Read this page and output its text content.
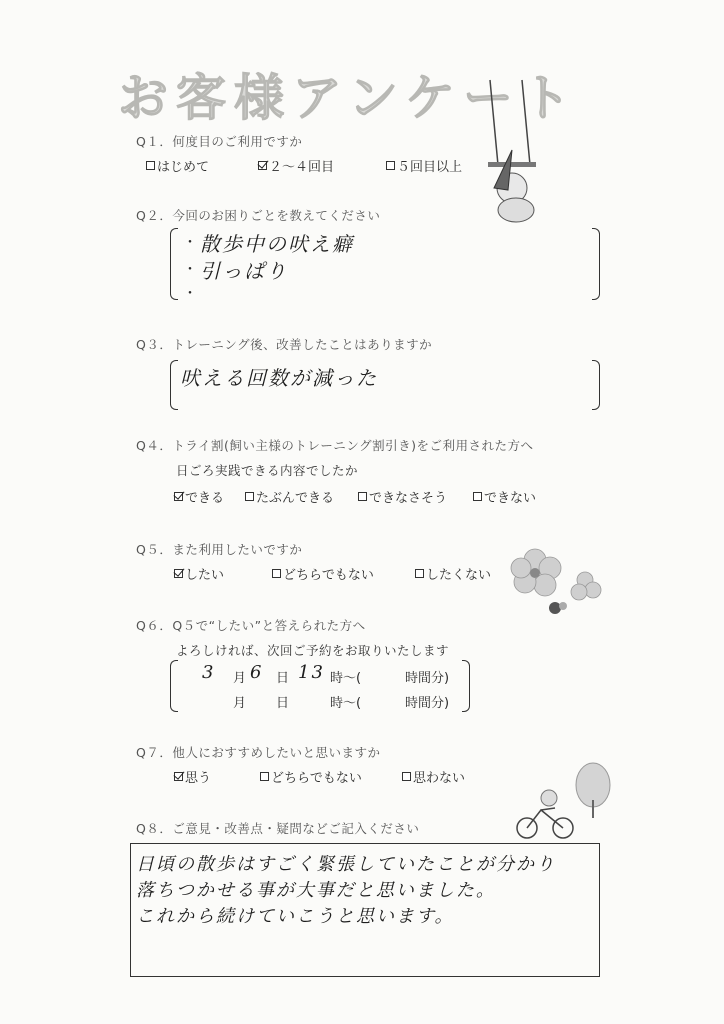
お客様アンケート
Q１．何度目のご利用ですか
はじめて	２～４回目	５回目以上
Q２．今回のお困りごとを教えてください
・
・
・
散歩中の吠え癖
引っぱり
Q３．トレーニング後、改善したことはありますか
吠える回数が減った
Q４．トライ割(飼い主様のトレーニング割引き)をご利用された方へ
日ごろ実践できる内容でしたか
できる たぶんできる	できなさそう	できない
Q５．また利用したいですか
したい	どちらでもない	したくない
Q６．Q５で“したい”と答えられた方へ
よろしければ、次回ご予約をお取りいたします
3 月 6 日 13 時～(	時間分)
月 日	時～(	時間分)
Q７．他人におすすめしたいと思いますか
思う	どちらでもない	思わない
Q８．ご意見・改善点・疑問などご記入ください
日頃の散歩はすごく緊張していたことが分かり
落ちつかせる事が大事だと思いました。
これから続けていこうと思います。
